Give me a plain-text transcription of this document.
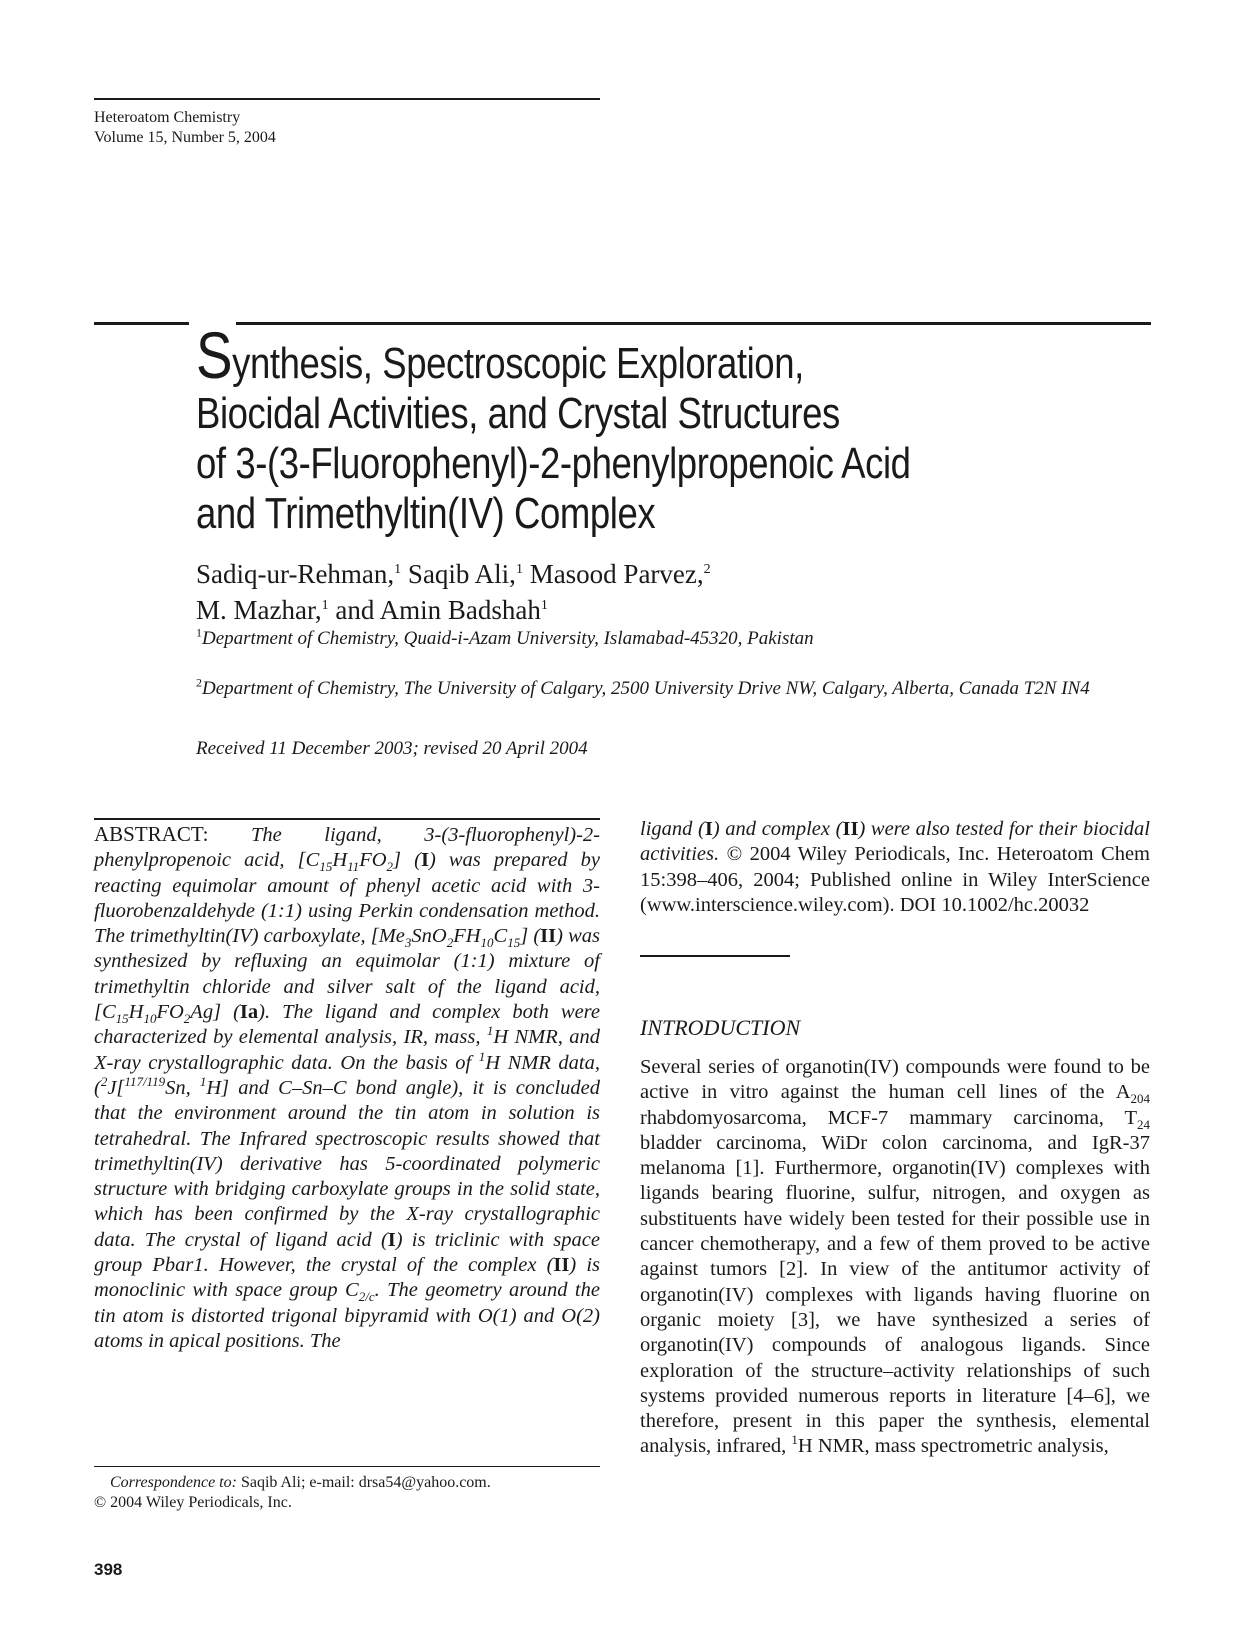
Heteroatom Chemistry
Volume 15, Number 5, 2004
Synthesis, Spectroscopic Exploration,
Biocidal Activities, and Crystal Structures
of 3-(3-Fluorophenyl)-2-phenylpropenoic Acid
and Trimethyltin(IV) Complex
Sadiq-ur-Rehman,$^1$ Saqib Ali,$^1$ Masood Parvez,$^2$
M. Mazhar,$^1$ and Amin Badshah$^1$
$^1$Department of Chemistry, Quaid-i-Azam University, Islamabad-45320, Pakistan
$^2$Department of Chemistry, The University of Calgary, 2500 University Drive NW, Calgary, Alberta, Canada T2N IN4
Received 11 December 2003; revised 20 April 2004

ABSTRACT: The ligand, 3-(3-fluorophenyl)-2-phenylpropenoic acid, $[C_{15}H_{11}FO_2]$ (I) was prepared by reacting equimolar amount of phenyl acetic acid with 3-fluorobenzaldehyde (1:1) using Perkin condensation method. The trimethyltin(IV) carboxylate, $[Me_3SnO_2FH_{10}C_{15}]$ (II) was synthesized by refluxing an equimolar (1:1) mixture of trimethyltin chloride and silver salt of the ligand acid, $[C_{15}H_{10}FO_2Ag]$ (Ia). The ligand and complex both were characterized by elemental analysis, IR, mass, $^1$H NMR, and X-ray crystallographic data. On the basis of $^1$H NMR data, ($^2$J[$^{117/119}$Sn, $^1$H] and C–Sn–C bond angle), it is concluded that the environment around the tin atom in solution is tetrahedral. The Infrared spectroscopic results showed that trimethyltin(IV) derivative has 5-coordinated polymeric structure with bridging carboxylate groups in the solid state, which has been confirmed by the X-ray crystallographic data. The crystal of ligand acid (I) is triclinic with space group Pbar1. However, the crystal of the complex (II) is monoclinic with space group $C_{2/c}$. The geometry around the tin atom is distorted trigonal bipyramid with O(1) and O(2) atoms in apical positions. The

ligand (I) and complex (II) were also tested for their biocidal activities. © 2004 Wiley Periodicals, Inc. Heteroatom Chem 15:398–406, 2004; Published online in Wiley InterScience (www.interscience.wiley.com). DOI 10.1002/hc.20032

INTRODUCTION
Several series of organotin(IV) compounds were found to be active in vitro against the human cell lines of the $A_{204}$ rhabdomyosarcoma, MCF-7 mammary carcinoma, $T_{24}$ bladder carcinoma, WiDr colon carcinoma, and IgR-37 melanoma [1]. Furthermore, organotin(IV) complexes with ligands bearing fluorine, sulfur, nitrogen, and oxygen as substituents have widely been tested for their possible use in cancer chemotherapy, and a few of them proved to be active against tumors [2]. In view of the antitumor activity of organotin(IV) complexes with ligands having fluorine on organic moiety [3], we have synthesized a series of organotin(IV) compounds of analogous ligands. Since exploration of the structure–activity relationships of such systems provided numerous reports in literature [4–6], we therefore, present in this paper the synthesis, elemental analysis, infrared, $^1$H NMR, mass spectrometric analysis,
Correspondence to: Saqib Ali; e-mail: drsa54@yahoo.com.
© 2004 Wiley Periodicals, Inc.
398
